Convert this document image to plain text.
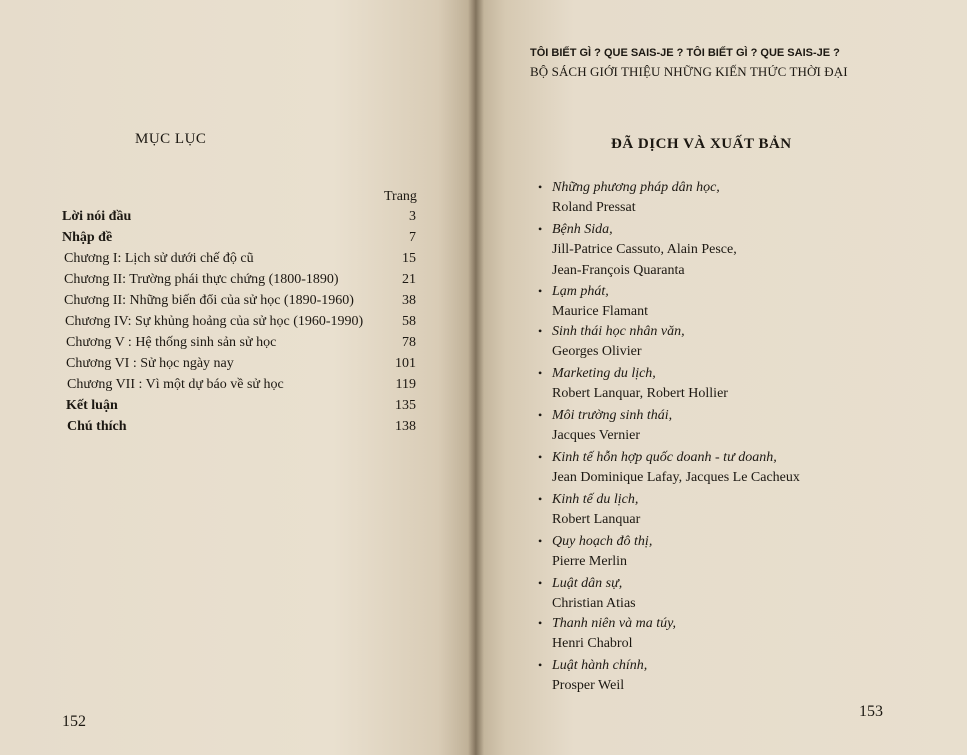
MỤC LỤC
Trang
Lời nói đầu	3
Nhập đề	7
Chương I: Lịch sử dưới chế độ cũ	15
Chương II: Trường phái thực chứng (1800-1890)	21
Chương II: Những biến đổi của sử học (1890-1960)	38
Chương IV: Sự khủng hoảng của sử học (1960-1990)	58
Chương V : Hệ thống sinh sản sử học	78
Chương VI : Sử học ngày nay	101
Chương VII : Vì một dự báo về sử học	119
Kết luận	135
Chú thích	138
152
TÔI BIẾT GÌ ? QUE SAIS-JE ? TÔI BIẾT GÌ ? QUE SAIS-JE ?
BỘ SÁCH GIỚI THIỆU NHỮNG KIẾN THỨC THỜI ĐẠI
ĐÃ DỊCH VÀ XUẤT BẢN
• Những phương pháp dân học,
Roland Pressat
• Bệnh Sida,
Jill-Patrice Cassuto, Alain Pesce,
Jean-François Quaranta
• Lạm phát,
Maurice Flamant
• Sinh thái học nhân văn,
Georges Olivier
• Marketing du lịch,
Robert Lanquar, Robert Hollier
• Môi trường sinh thái,
Jacques Vernier
• Kinh tế hỗn hợp quốc doanh - tư doanh,
Jean Dominique Lafay, Jacques Le Cacheux
• Kinh tế du lịch,
Robert Lanquar
• Quy hoạch đô thị,
Pierre Merlin
• Luật dân sự,
Christian Atias
• Thanh niên và ma túy,
Henri Chabrol
• Luật hành chính,
Prosper Weil
153
